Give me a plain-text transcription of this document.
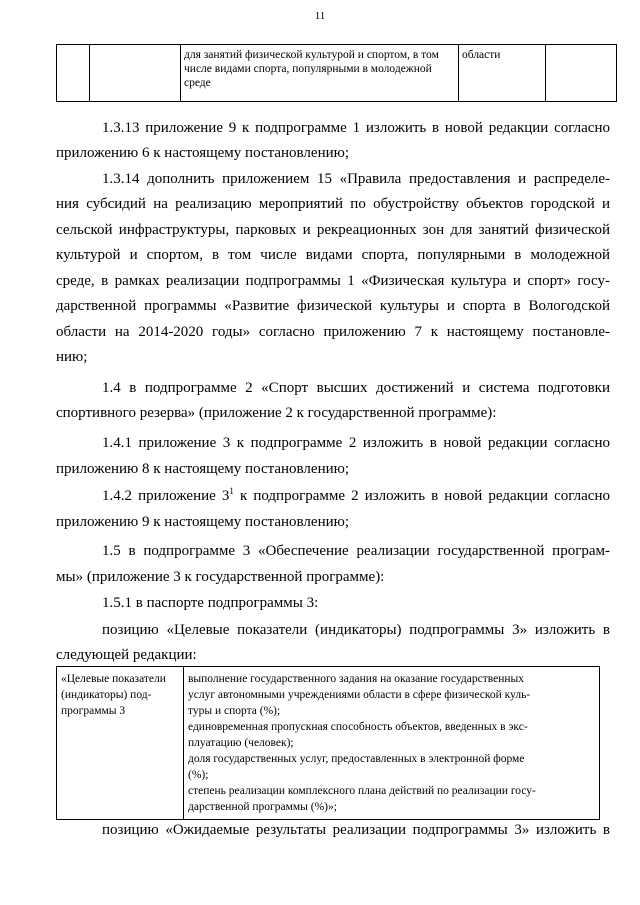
11
		для занятий физической культурой и спортом, в том числе видами спорта, популярными в молодежной среде	области	

1.3.13 приложение 9 к подпрограмме 1 изложить в новой редакции согласно

приложению 6 к настоящему постановлению;

1.3.14 дополнить приложением 15 «Правила предоставления и распределе-

ния субсидий на реализацию мероприятий по обустройству объектов городской и

сельской инфраструктуры, парковых и рекреационных зон для занятий физической

культурой и спортом, в том числе видами спорта, популярными в молодежной

среде, в рамках реализации подпрограммы 1 «Физическая культура и спорт» госу-

дарственной программы «Развитие физической культуры и спорта в Вологодской

области на 2014-2020 годы» согласно приложению 7 к настоящему постановле-

нию;

1.4 в подпрограмме 2 «Спорт высших достижений и система подготовки

спортивного резерва» (приложение 2 к государственной программе):

1.4.1 приложение 3 к подпрограмме 2 изложить в новой редакции согласно

приложению 8 к настоящему постановлению;

1.4.2 приложение $3^1$ к подпрограмме 2 изложить в новой редакции согласно

приложению 9 к настоящему постановлению;

1.5 в подпрограмме 3 «Обеспечение реализации государственной програм-

мы» (приложение 3 к государственной программе):

1.5.1 в паспорте подпрограммы 3:

позицию «Целевые показатели (индикаторы) подпрограммы 3» изложить в

следующей редакции:

«Целевые показатели
(индикаторы) под-
программы 3

выполнение государственного задания на оказание государственных
услуг автономными учреждениями области в сфере физической куль-
туры и спорта (%);
единовременная пропускная способность объектов, введенных в экс-
плуатацию (человек);
доля государственных услуг, предоставленных в электронной форме
(%);
степень реализации комплексного плана действий по реализации госу-
дарственной программы (%)»;

позицию «Ожидаемые результаты реализации подпрограммы 3» изложить в
